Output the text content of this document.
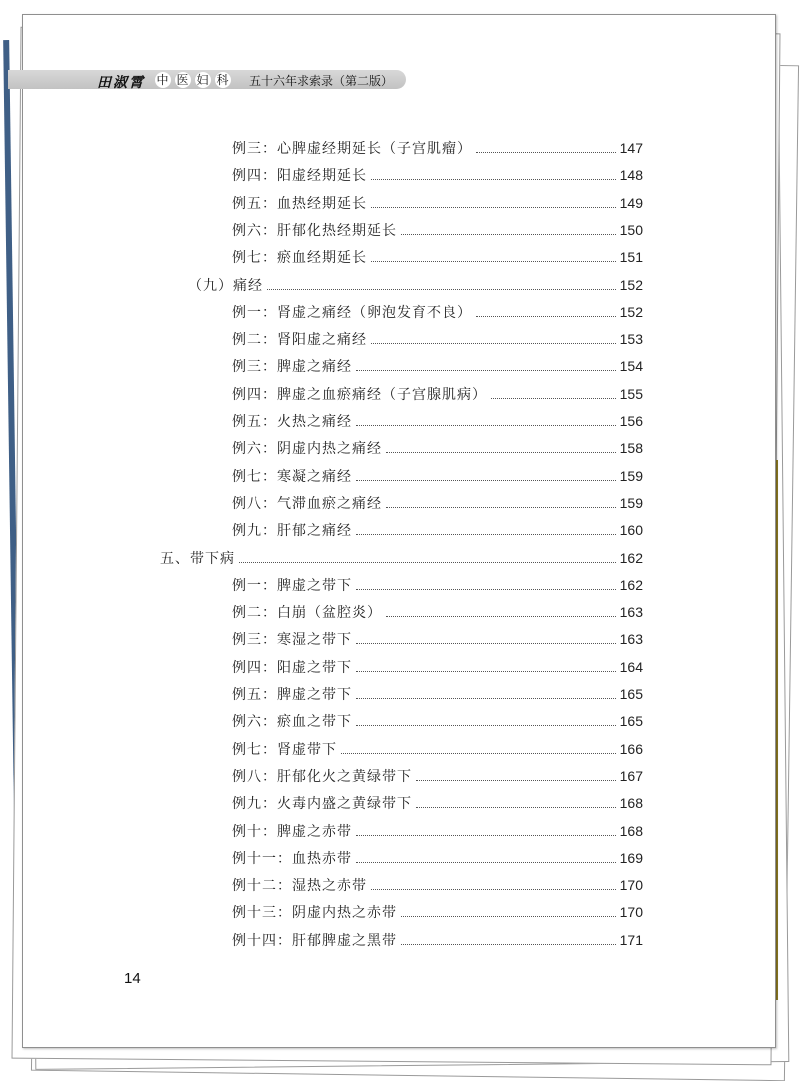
田淑霄 中 医 妇 科	五十六年求索录（第二版）
例三：心脾虚经期延长（子宫肌瘤）	147
例四：阳虚经期延长	148
例五：血热经期延长	149
例六：肝郁化热经期延长	150
例七：瘀血经期延长	151
（九）痛经	152
例一：肾虚之痛经（卵泡发育不良）	152
例二：肾阳虚之痛经	153
例三：脾虚之痛经	154
例四：脾虚之血瘀痛经（子宫腺肌病）	155
例五：火热之痛经	156
例六：阴虚内热之痛经	158
例七：寒凝之痛经	159
例八：气滞血瘀之痛经	159
例九：肝郁之痛经	160
五、带下病	162
例一：脾虚之带下	162
例二：白崩（盆腔炎）	163
例三：寒湿之带下	163
例四：阳虚之带下	164
例五：脾虚之带下	165
例六：瘀血之带下	165
例七：肾虚带下	166
例八：肝郁化火之黄绿带下	167
例九：火毒内盛之黄绿带下	168
例十：脾虚之赤带	168
例十一：血热赤带	169
例十二：湿热之赤带	170
例十三：阴虚内热之赤带	170
例十四：肝郁脾虚之黑带	171
14
